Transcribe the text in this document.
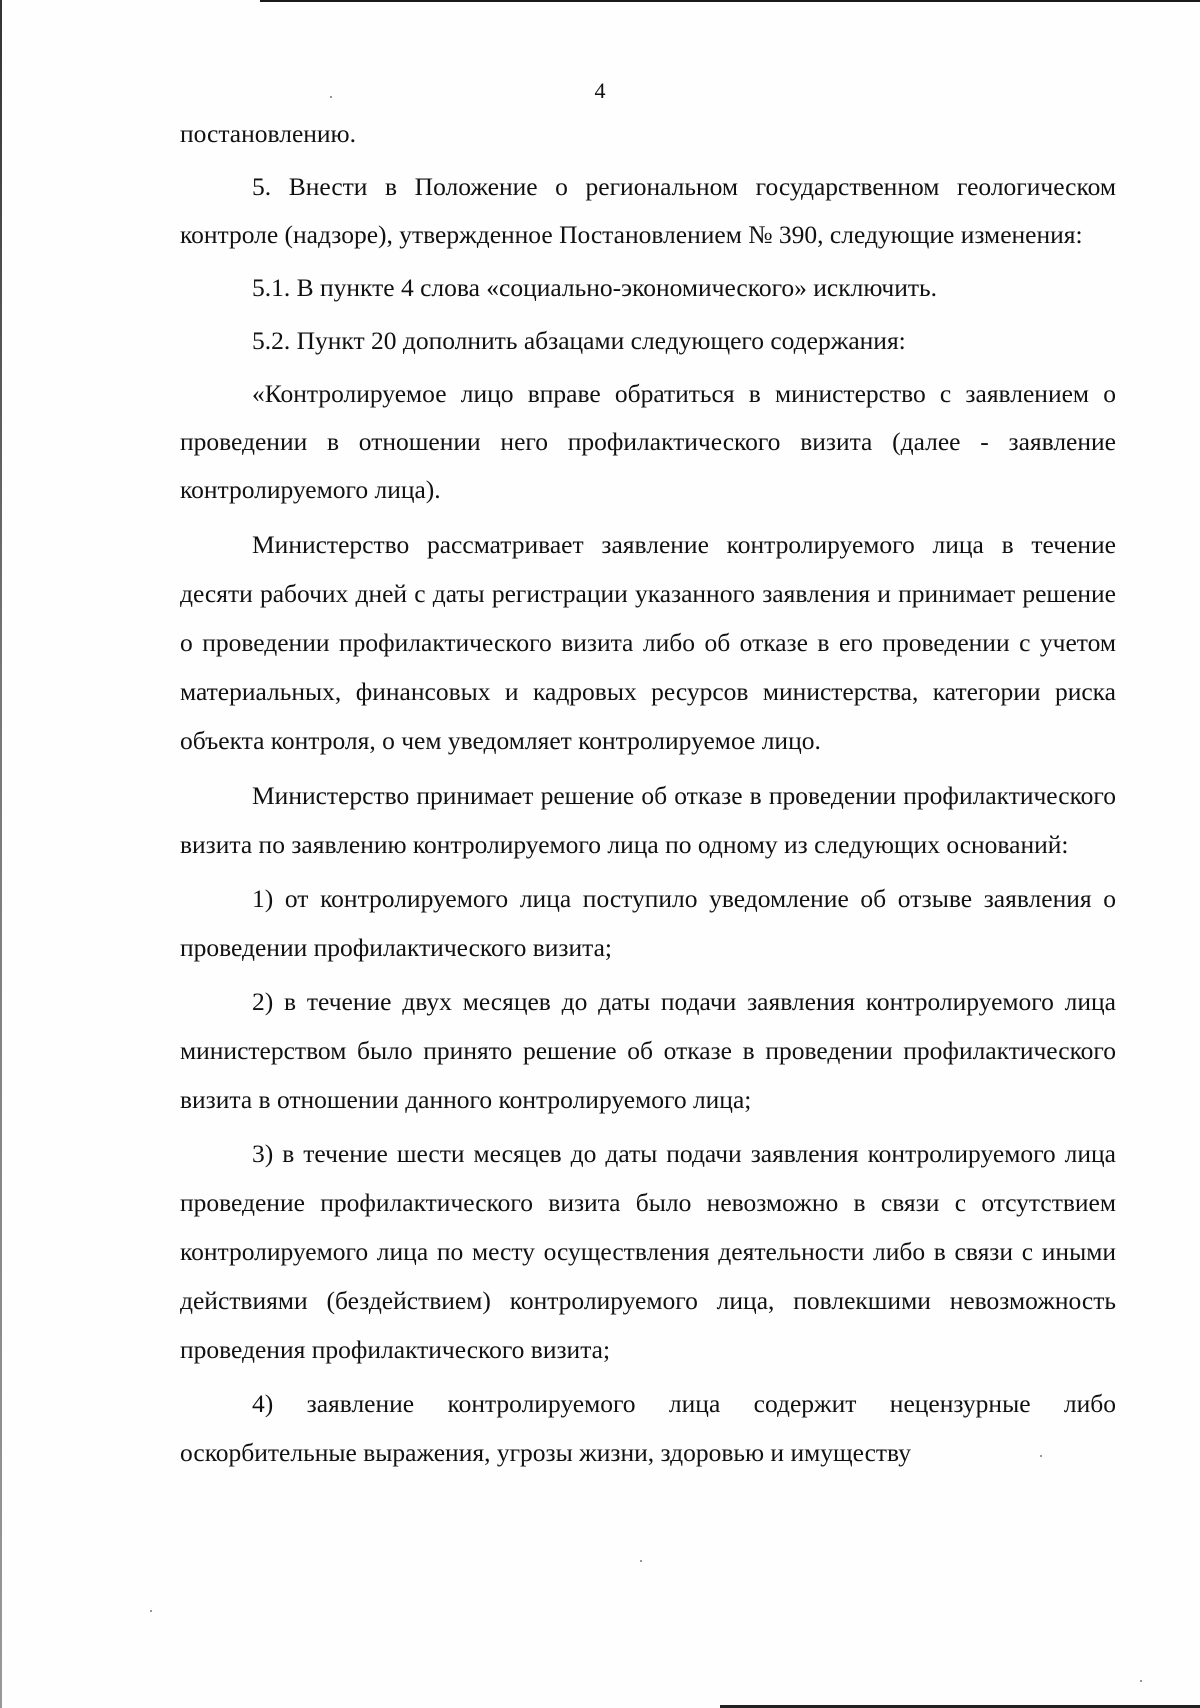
4

постановлению.

5. Внести в Положение о региональном государственном геологическом контроле (надзоре), утвержденное Постановлением № 390, следующие изменения:

5.1. В пункте 4 слова «социально-экономического» исключить.

5.2. Пункт 20 дополнить абзацами следующего содержания:

«Контролируемое лицо вправе обратиться в министерство с заявлением о проведении в отношении него профилактического визита (далее - заявление контролируемого лица).

Министерство рассматривает заявление контролируемого лица в течение десяти рабочих дней с даты регистрации указанного заявления и принимает решение о проведении профилактического визита либо об отказе в его проведении с учетом материальных, финансовых и кадровых ресурсов министерства, категории риска объекта контроля, о чем уведомляет контролируемое лицо.

Министерство принимает решение об отказе в проведении профилактического визита по заявлению контролируемого лица по одному из следующих оснований:

1) от контролируемого лица поступило уведомление об отзыве заявления о проведении профилактического визита;

2) в течение двух месяцев до даты подачи заявления контролируемого лица министерством было принято решение об отказе в проведении профилактического визита в отношении данного контролируемого лица;

3) в течение шести месяцев до даты подачи заявления контролируемого лица проведение профилактического визита было невозможно в связи с отсутствием контролируемого лица по месту осуществления деятельности либо в связи с иными действиями (бездействием) контролируемого лица, повлекшими невозможность проведения профилактического визита;

4) заявление контролируемого лица содержит нецензурные либо оскорбительные выражения, угрозы жизни, здоровью и имуществу
